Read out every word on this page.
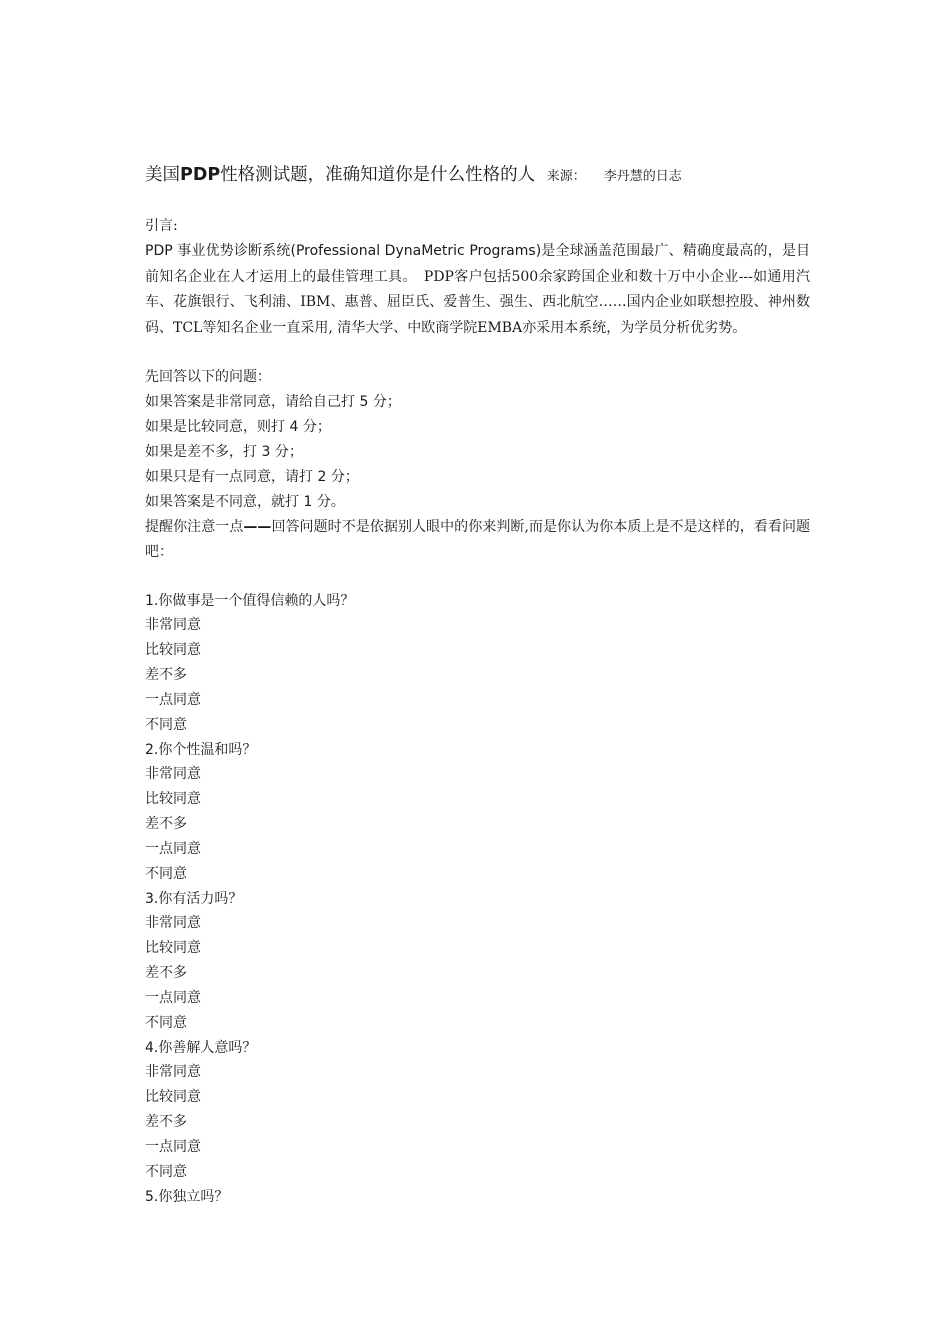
美国PDP性格测试题，准确知道你是什么性格的人 来源： 李丹慧的日志

引言:

PDP 事业优势诊断系统(Professional DynaMetric Programs)是全球涵盖范围最广、精确度最高的，是目前知名企业在人才运用上的最佳管理工具。　PDP客户包括500余家跨国企业和数十万中小企业---如通用汽车、花旗银行、飞利浦、IBM、惠普、屈臣氏、爱普生、强生、西北航空……国内企业如联想控股、神州数码、TCL等知名企业一直采用, 清华大学、中欧商学院EMBA亦采用本系统，为学员分析优劣势。

先回答以下的问题：

如果答案是非常同意，请给自己打 5 分；

如果是比较同意，则打 4 分；

如果是差不多，打 3 分；

如果只是有一点同意，请打 2 分；

如果答案是不同意，就打 1 分。

提醒你注意一点——回答问题时不是依据别人眼中的你来判断,而是你认为你本质上是不是这样的，看看问题吧：

1.你做事是一个值得信赖的人吗？

非常同意

比较同意

差不多

一点同意

不同意

2.你个性温和吗？

非常同意

比较同意

差不多

一点同意

不同意

3.你有活力吗？

非常同意

比较同意

差不多

一点同意

不同意

4.你善解人意吗？

非常同意

比较同意

差不多

一点同意

不同意

5.你独立吗？
